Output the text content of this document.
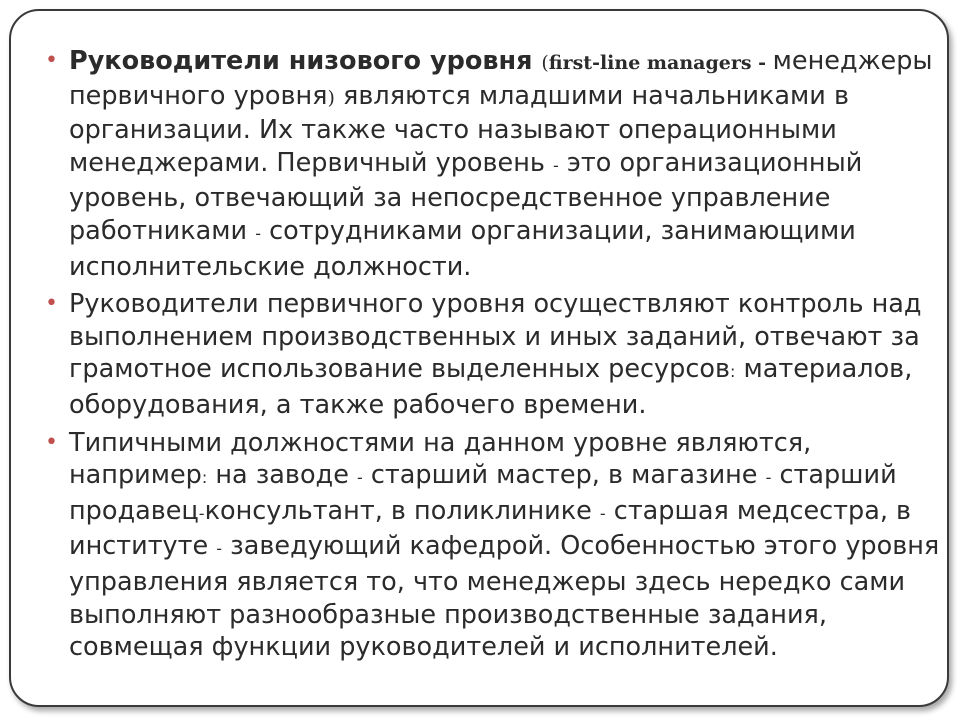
• Руководители низового уровня (first-line managers - менеджеры первичного уровня) являются младшими начальниками в организации. Их также часто называют операционными менеджерами. Первичный уровень - это организационный уровень, отвечающий за непосредственное управление работниками - сотрудниками организации, занимающими исполнительские должности.

• Руководители первичного уровня осуществляют контроль над выполнением производственных и иных заданий, отвечают за грамотное использование выделенных ресурсов: материалов, оборудования, а также рабочего времени.

• Типичными должностями на данном уровне являются, например: на заводе - старший мастер, в магазине - старший продавец-консультант, в поликлинике - старшая медсестра, в институте - заведующий кафедрой. Особенностью этого уровня управления является то, что менеджеры здесь нередко сами выполняют разнообразные производственные задания, совмещая функции руководителей и исполнителей.
